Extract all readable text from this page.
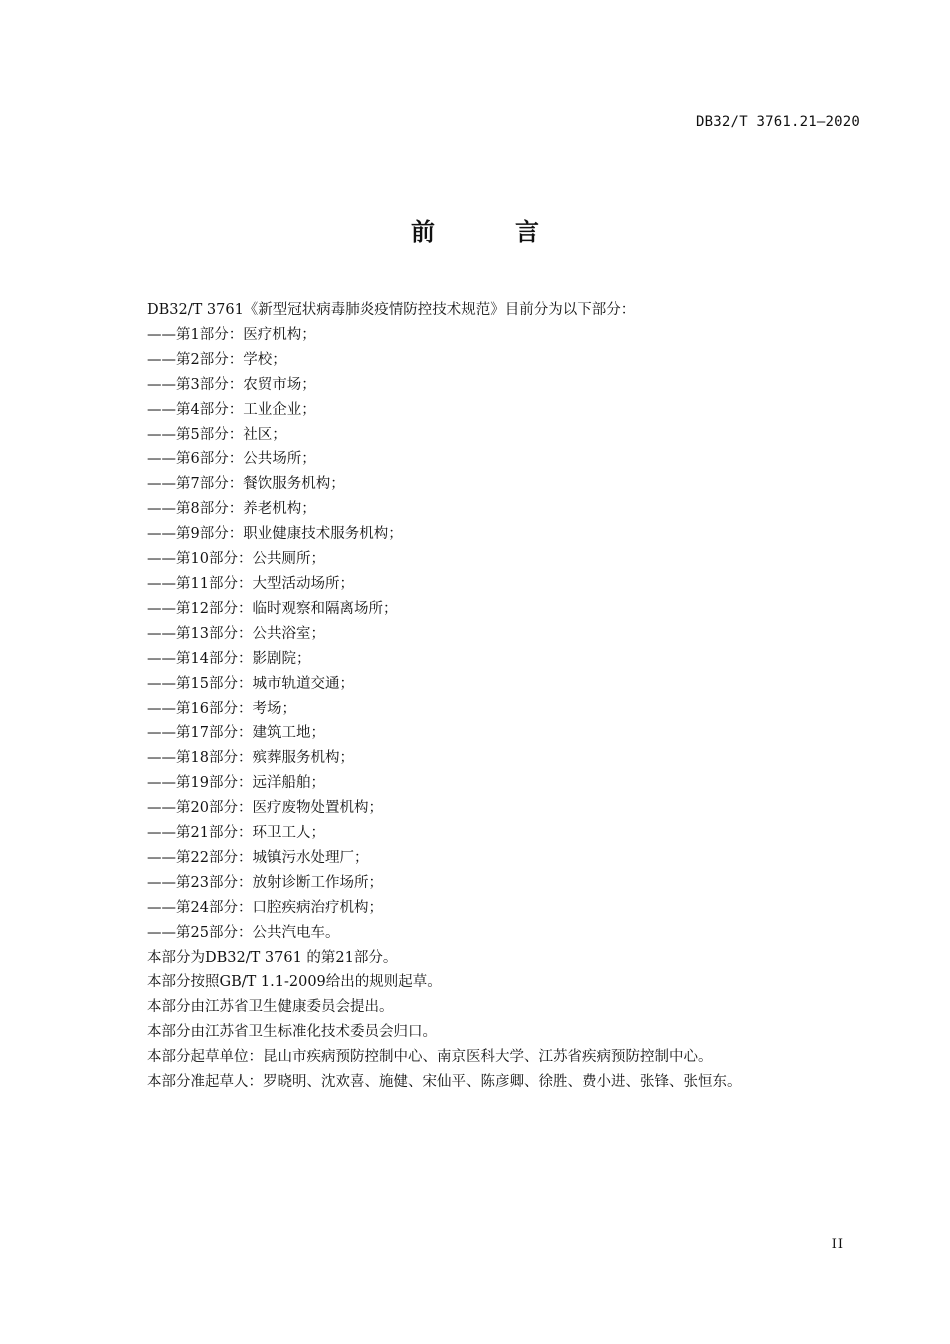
DB32/T 3761.21—2020
前　言
DB32/T 3761《新型冠状病毒肺炎疫情防控技术规范》目前分为以下部分：
——第1部分：医疗机构；
——第2部分：学校；
——第3部分：农贸市场；
——第4部分：工业企业；
——第5部分：社区；
——第6部分：公共场所；
——第7部分：餐饮服务机构；
——第8部分：养老机构；
——第9部分：职业健康技术服务机构；
——第10部分：公共厕所；
——第11部分：大型活动场所；
——第12部分：临时观察和隔离场所；
——第13部分：公共浴室；
——第14部分：影剧院；
——第15部分：城市轨道交通；
——第16部分：考场；
——第17部分：建筑工地；
——第18部分：殡葬服务机构；
——第19部分：远洋船舶；
——第20部分：医疗废物处置机构；
——第21部分：环卫工人；
——第22部分：城镇污水处理厂；
——第23部分：放射诊断工作场所；
——第24部分：口腔疾病治疗机构；
——第25部分：公共汽电车。
本部分为DB32/T 3761 的第21部分。
本部分按照GB/T 1.1-2009给出的规则起草。
本部分由江苏省卫生健康委员会提出。
本部分由江苏省卫生标准化技术委员会归口。
本部分起草单位：昆山市疾病预防控制中心、南京医科大学、江苏省疾病预防控制中心。
本部分准起草人：罗晓明、沈欢喜、施健、宋仙平、陈彦卿、徐胜、费小进、张锋、张恒东。
II
